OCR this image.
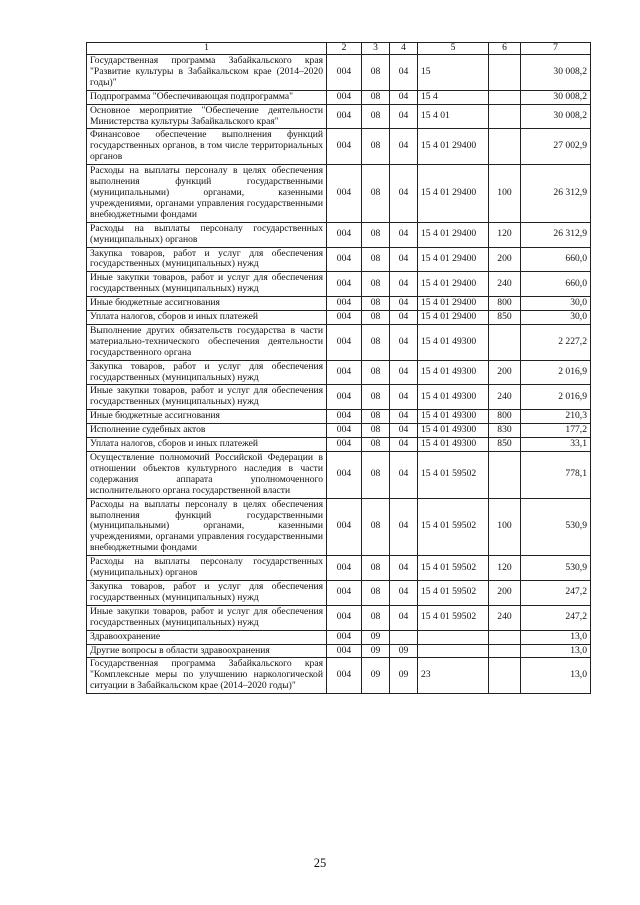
1	2	3	4	5	6	7
Государственная программа Забайкальского края "Развитие культуры в Забайкальском крае (2014–2020 годы)"	004	08	04	15		30 008,2
Подпрограмма "Обеспечивающая подпрограмма"	004	08	04	15 4		30 008,2
Основное мероприятие "Обеспечение деятельности Министерства культуры Забайкальского края"	004	08	04	15 4 01		30 008,2
Финансовое обеспечение выполнения функций государственных органов, в том числе территориальных органов	004	08	04	15 4 01 29400		27 002,9
Расходы на выплаты персоналу в целях обеспечения выполнения функций государственными (муниципальными) органами, казенными учреждениями, органами управления государственными внебюджетными фондами	004	08	04	15 4 01 29400	100	26 312,9
Расходы на выплаты персоналу государственных (муниципальных) органов	004	08	04	15 4 01 29400	120	26 312,9
Закупка товаров, работ и услуг для обеспечения государственных (муниципальных) нужд	004	08	04	15 4 01 29400	200	660,0
Иные закупки товаров, работ и услуг для обеспечения государственных (муниципальных) нужд	004	08	04	15 4 01 29400	240	660,0
Иные бюджетные ассигнования	004	08	04	15 4 01 29400	800	30,0
Уплата налогов, сборов и иных платежей	004	08	04	15 4 01 29400	850	30,0
Выполнение других обязательств государства в части материально-технического обеспечения деятельности государственного органа	004	08	04	15 4 01 49300		2 227,2
Закупка товаров, работ и услуг для обеспечения государственных (муниципальных) нужд	004	08	04	15 4 01 49300	200	2 016,9
Иные закупки товаров, работ и услуг для обеспечения государственных (муниципальных) нужд	004	08	04	15 4 01 49300	240	2 016,9
Иные бюджетные ассигнования	004	08	04	15 4 01 49300	800	210,3
Исполнение судебных актов	004	08	04	15 4 01 49300	830	177,2
Уплата налогов, сборов и иных платежей	004	08	04	15 4 01 49300	850	33,1
Осуществление полномочий Российской Федерации в отношении объектов культурного наследия в части содержания аппарата уполномоченного исполнительного органа государственной власти	004	08	04	15 4 01 59502		778,1
Расходы на выплаты персоналу в целях обеспечения выполнения функций государственными (муниципальными) органами, казенными учреждениями, органами управления государственными внебюджетными фондами	004	08	04	15 4 01 59502	100	530,9
Расходы на выплаты персоналу государственных (муниципальных) органов	004	08	04	15 4 01 59502	120	530,9
Закупка товаров, работ и услуг для обеспечения государственных (муниципальных) нужд	004	08	04	15 4 01 59502	200	247,2
Иные закупки товаров, работ и услуг для обеспечения государственных (муниципальных) нужд	004	08	04	15 4 01 59502	240	247,2
Здравоохранение	004	09				13,0
Другие вопросы в области здравоохранения	004	09	09			13,0
Государственная программа Забайкальского края "Комплексные меры по улучшению наркологической ситуации в Забайкальском крае (2014–2020 годы)"	004	09	09	23		13,0
25
